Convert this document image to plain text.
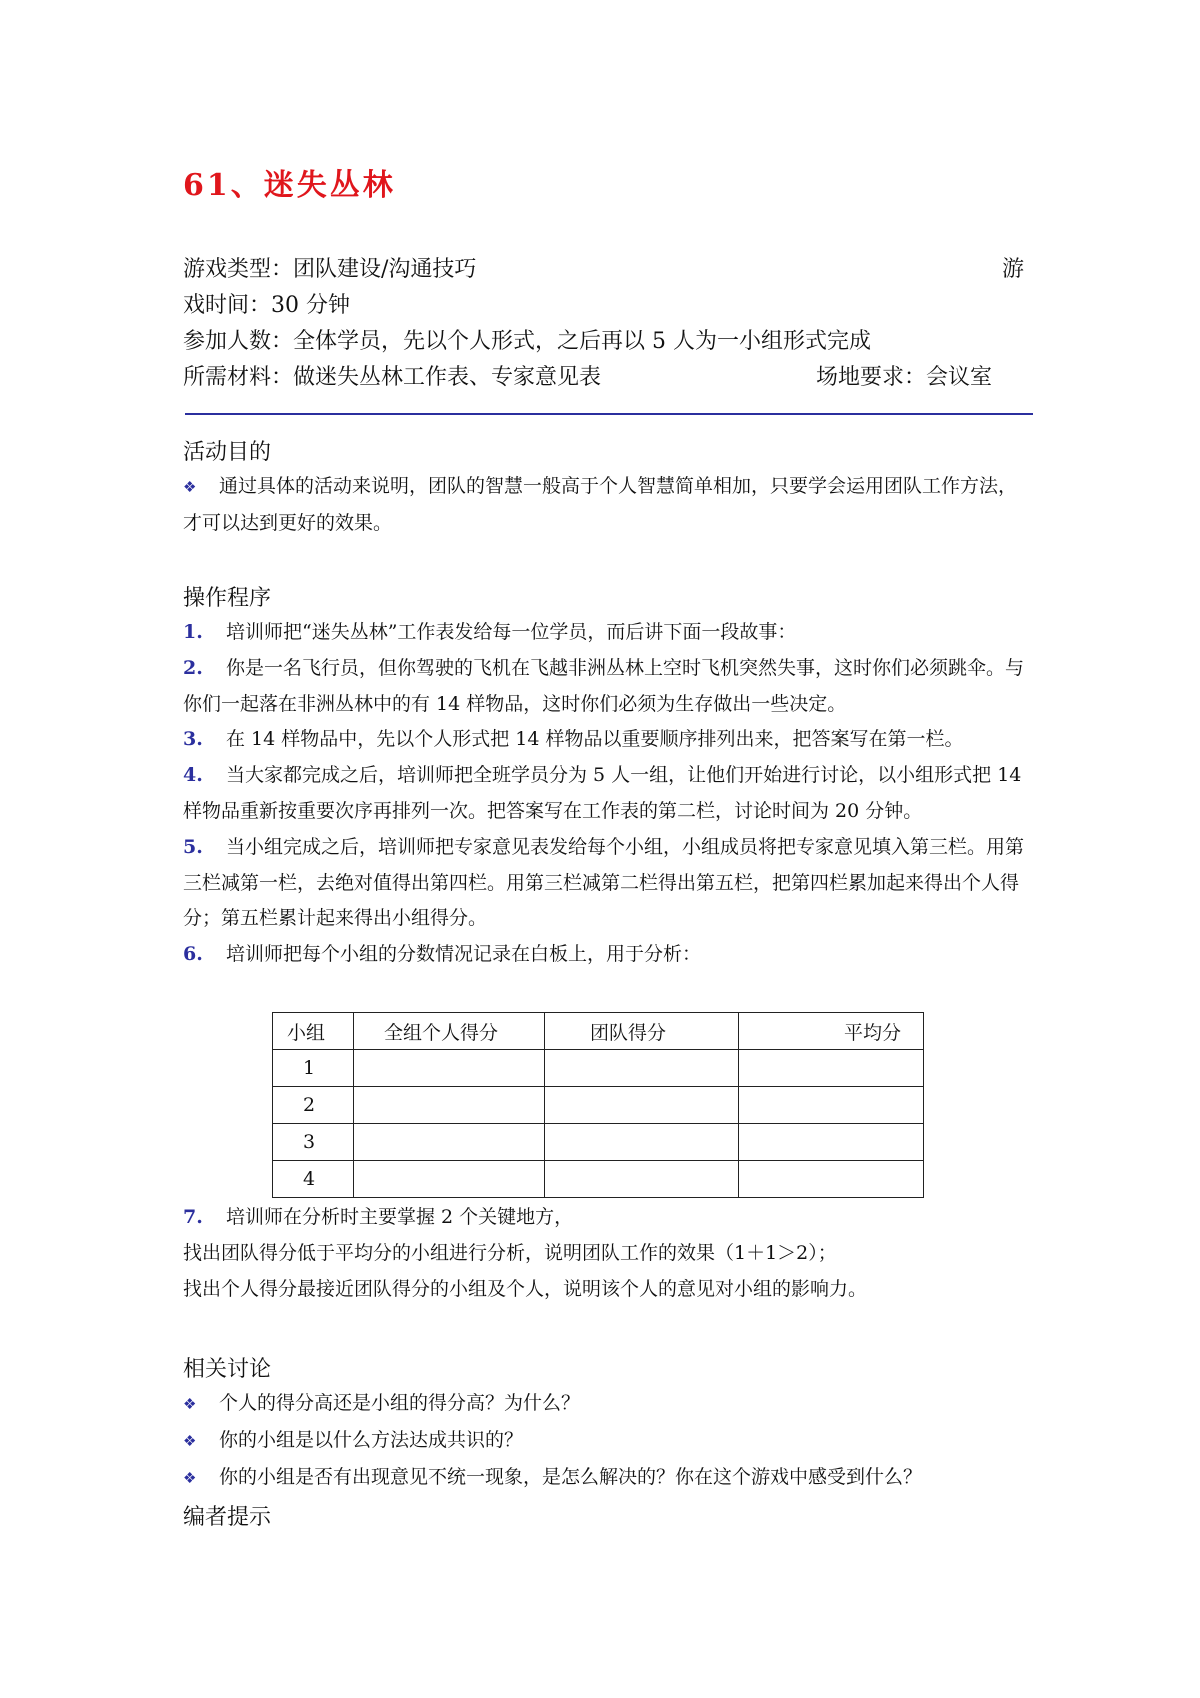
61、迷失丛林
游戏类型：团队建设/沟通技巧	游
戏时间：30 分钟
参加人数：全体学员，先以个人形式，之后再以 5 人为一小组形式完成
所需材料：做迷失丛林工作表、专家意见表	场地要求：会议室
活动目的
❖ 通过具体的活动来说明，团队的智慧一般高于个人智慧简单相加，只要学会运用团队工作方法，才可以达到更好的效果。
操作程序
1. 培训师把“迷失丛林”工作表发给每一位学员，而后讲下面一段故事：
2. 你是一名飞行员，但你驾驶的飞机在飞越非洲丛林上空时飞机突然失事，这时你们必须跳伞。与你们一起落在非洲丛林中的有 14 样物品，这时你们必须为生存做出一些决定。
3. 在 14 样物品中，先以个人形式把 14 样物品以重要顺序排列出来，把答案写在第一栏。
4. 当大家都完成之后，培训师把全班学员分为 5 人一组，让他们开始进行讨论，以小组形式把 14 样物品重新按重要次序再排列一次。把答案写在工作表的第二栏，讨论时间为 20 分钟。
5. 当小组完成之后，培训师把专家意见表发给每个小组，小组成员将把专家意见填入第三栏。用第三栏减第一栏，去绝对值得出第四栏。用第三栏减第二栏得出第五栏，把第四栏累加起来得出个人得分；第五栏累计起来得出小组得分。
6. 培训师把每个小组的分数情况记录在白板上，用于分析：
小组	全组个人得分	团队得分	平均分
1			
2			
3			
4			
7. 培训师在分析时主要掌握 2 个关键地方，
找出团队得分低于平均分的小组进行分析，说明团队工作的效果（1＋1＞2）；
找出个人得分最接近团队得分的小组及个人，说明该个人的意见对小组的影响力。
相关讨论
❖ 个人的得分高还是小组的得分高？为什么？
❖ 你的小组是以什么方法达成共识的？
❖ 你的小组是否有出现意见不统一现象，是怎么解决的？你在这个游戏中感受到什么？
编者提示
